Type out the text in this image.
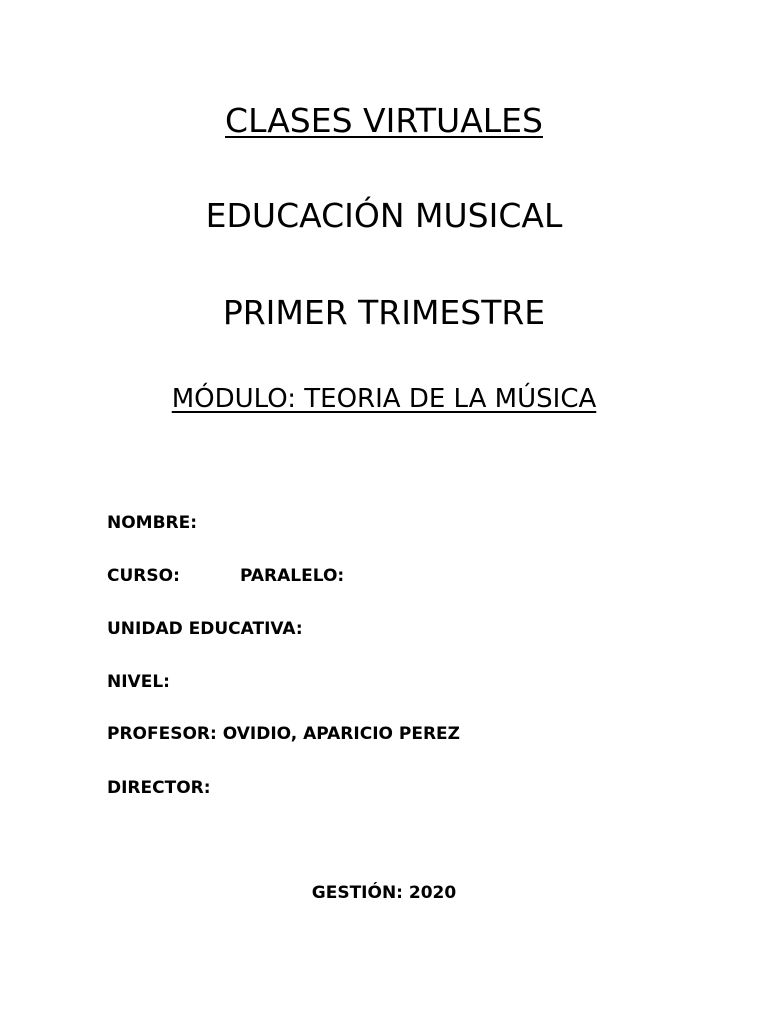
CLASES VIRTUALES
EDUCACIÓN MUSICAL
PRIMER TRIMESTRE
MÓDULO: TEORIA DE LA MÚSICA
NOMBRE:
CURSO:	PARALELO:
UNIDAD EDUCATIVA:
NIVEL:
PROFESOR: OVIDIO, APARICIO PEREZ
DIRECTOR:
GESTIÓN: 2020
